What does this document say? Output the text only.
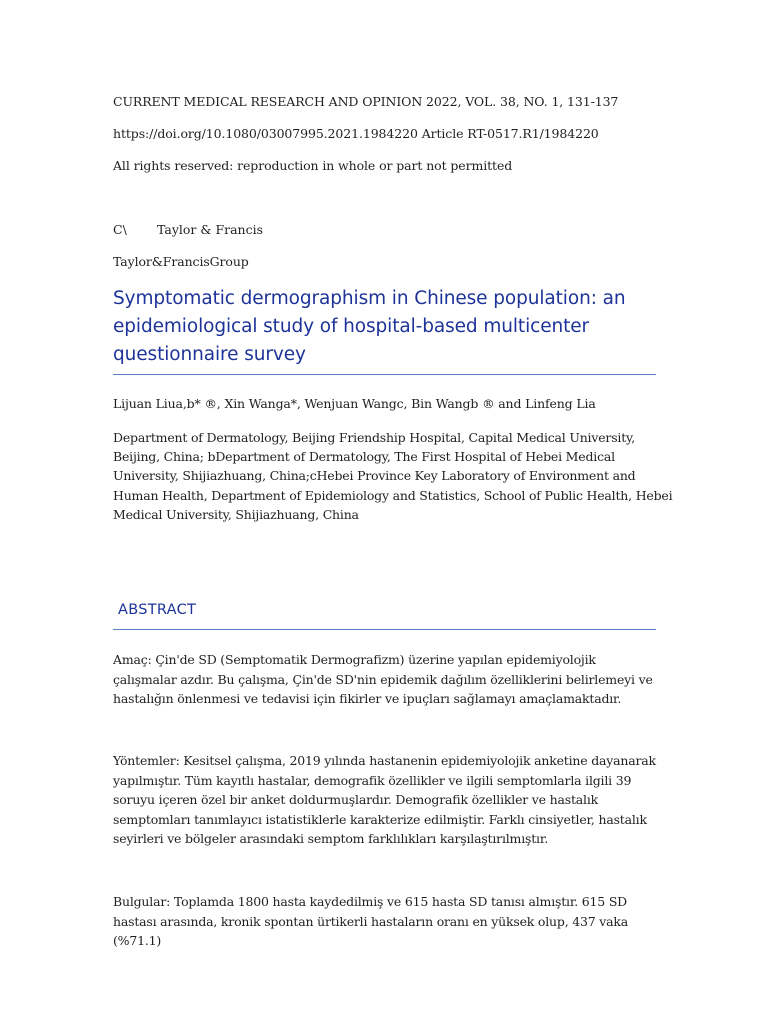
CURRENT MEDICAL RESEARCH AND OPINION 2022, VOL. 38, NO. 1, 131-137
https://doi.org/10.1080/03007995.2021.1984220 Article RT-0517.R1/1984220
All rights reserved: reproduction in whole or part not permitted
C\ Taylor & Francis
Taylor&FrancisGroup
Symptomatic dermographism in Chinese population: an epidemiological study of hospital-based multicenter questionnaire survey
Lijuan Liua,b* ®, Xin Wanga*, Wenjuan Wangc, Bin Wangb ® and Linfeng Lia
Department of Dermatology, Beijing Friendship Hospital, Capital Medical University, Beijing, China; bDepartment of Dermatology, The First Hospital of Hebei Medical University, Shijiazhuang, China;cHebei Province Key Laboratory of Environment and Human Health, Department of Epidemiology and Statistics, School of Public Health, Hebei Medical University, Shijiazhuang, China
ABSTRACT
Amaç: Çin'de SD (Semptomatik Dermografizm) üzerine yapılan epidemiyolojik çalışmalar azdır. Bu çalışma, Çin'de SD'nin epidemik dağılım özelliklerini belirlemeyi ve hastalığın önlenmesi ve tedavisi için fikirler ve ipuçları sağlamayı amaçlamaktadır.
Yöntemler: Kesitsel çalışma, 2019 yılında hastanenin epidemiyolojik anketine dayanarak yapılmıştır. Tüm kayıtlı hastalar, demografik özellikler ve ilgili semptomlarla ilgili 39 soruyu içeren özel bir anket doldurmuşlardır. Demografik özellikler ve hastalık semptomları tanımlayıcı istatistiklerle karakterize edilmiştir. Farklı cinsiyetler, hastalık seyirleri ve bölgeler arasındaki semptom farklılıkları karşılaştırılmıştır.
Bulgular: Toplamda 1800 hasta kaydedilmiş ve 615 hasta SD tanısı almıştır. 615 SD hastası arasında, kronik spontan ürtikerli hastaların oranı en yüksek olup, 437 vaka (%71.1)
